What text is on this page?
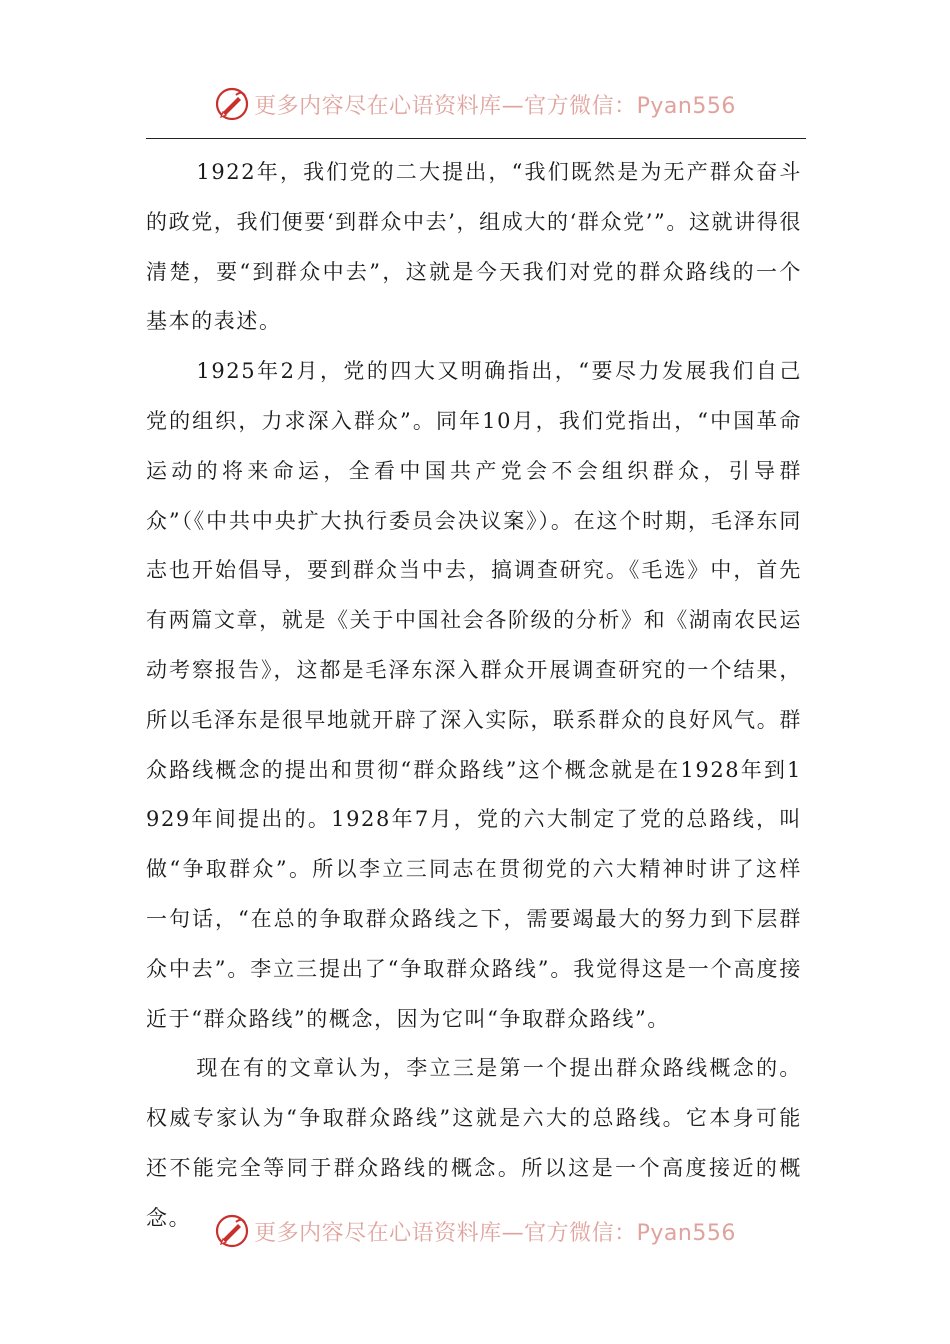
更多内容尽在心语资料库—官方微信：Pyan556

1922年，我们党的二大提出，“我们既然是为无产群众奋斗的政党，我们便要‘到群众中去’，组成大的‘群众党’”。这就讲得很清楚，要“到群众中去”，这就是今天我们对党的群众路线的一个基本的表述。

1925年2月，党的四大又明确指出，“要尽力发展我们自己党的组织，力求深入群众”。同年10月，我们党指出，“中国革命运动的将来命运，全看中国共产党会不会组织群众，引导群众”（《中共中央扩大执行委员会决议案》）。在这个时期，毛泽东同志也开始倡导，要到群众当中去，搞调查研究。《毛选》中，首先有两篇文章，就是《关于中国社会各阶级的分析》和《湖南农民运动考察报告》，这都是毛泽东深入群众开展调查研究的一个结果，所以毛泽东是很早地就开辟了深入实际，联系群众的良好风气。群众路线概念的提出和贯彻“群众路线”这个概念就是在1928年到1929年间提出的。1928年7月，党的六大制定了党的总路线，叫做“争取群众”。所以李立三同志在贯彻党的六大精神时讲了这样一句话，“在总的争取群众路线之下，需要竭最大的努力到下层群众中去”。李立三提出了“争取群众路线”。我觉得这是一个高度接近于“群众路线”的概念，因为它叫“争取群众路线”。

现在有的文章认为，李立三是第一个提出群众路线概念的。权威专家认为“争取群众路线”这就是六大的总路线。它本身可能还不能完全等同于群众路线的概念。所以这是一个高度接近的概念。

更多内容尽在心语资料库—官方微信：Pyan556
